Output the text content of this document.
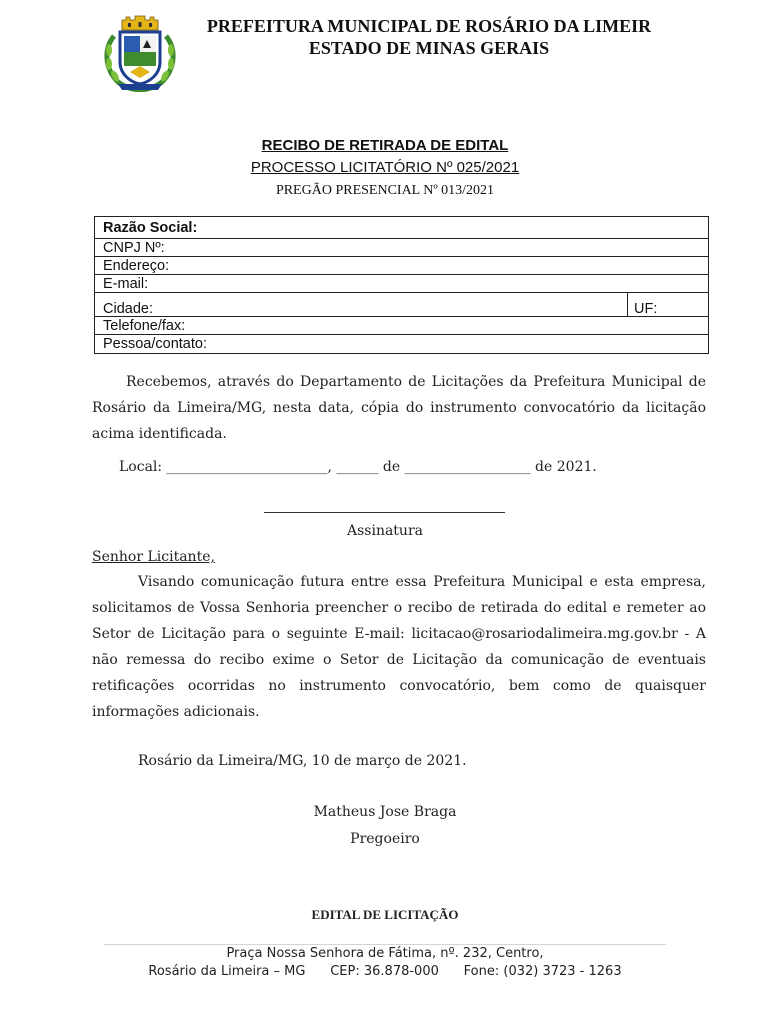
PREFEITURA MUNICIPAL DE ROSÁRIO DA LIMEIR
ESTADO DE MINAS GERAIS
RECIBO DE RETIRADA DE EDITAL
PROCESSO LICITATÓRIO Nº 025/2021
PREGÃO PRESENCIAL Nº 013/2021
Razão Social:
CNPJ Nº:
Endereço:
E-mail:
Cidade:	UF:
Telefone/fax:
Pessoa/contato:
Recebemos, através do Departamento de Licitações da Prefeitura Municipal de Rosário da Limeira/MG, nesta data, cópia do instrumento convocatório da licitação acima identificada.
Local: _______________________, ______ de __________________ de 2021.
Assinatura
Senhor Licitante,
Visando comunicação futura entre essa Prefeitura Municipal e esta empresa, solicitamos de Vossa Senhoria preencher o recibo de retirada do edital e remeter ao Setor de Licitação para o seguinte E-mail: licitacao@rosariodalimeira.mg.gov.br - A não remessa do recibo exime o Setor de Licitação da comunicação de eventuais retificações ocorridas no instrumento convocatório, bem como de quaisquer informações adicionais.
Rosário da Limeira/MG, 10 de março de 2021.
Matheus Jose Braga
Pregoeiro
EDITAL DE LICITAÇÃO
Praça Nossa Senhora de Fátima, nº. 232, Centro,
Rosário da Limeira – MG      CEP: 36.878-000      Fone: (032) 3723 - 1263
